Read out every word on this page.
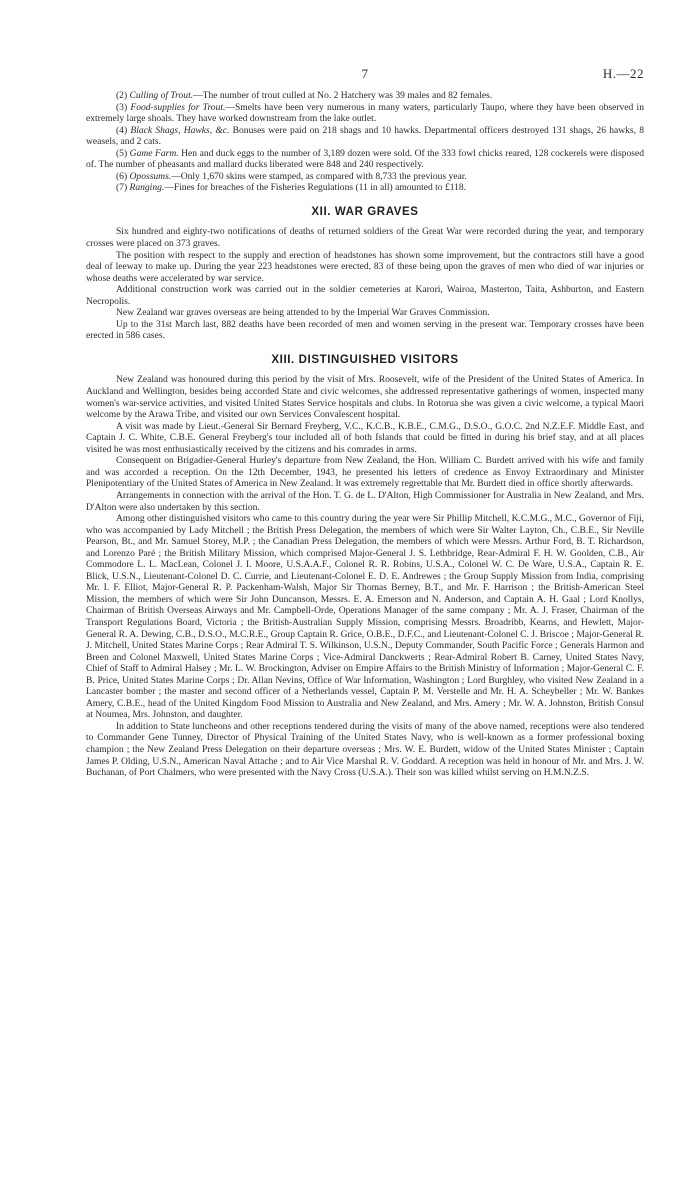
7	H.—22

(2) Culling of Trout.—The number of trout culled at No. 2 Hatchery was 39 males and 82 females.

(3) Food-supplies for Trout.—Smelts have been very numerous in many waters, particularly Taupo, where they have been observed in extremely large shoals. They have worked downstream from the lake outlet.

(4) Black Shags, Hawks, &c. Bonuses were paid on 218 shags and 10 hawks. Departmental officers destroyed 131 shags, 26 hawks, 8 weasels, and 2 cats.

(5) Game Farm. Hen and duck eggs to the number of 3,189 dozen were sold. Of the 333 fowl chicks reared, 128 cockerels were disposed of. The number of pheasants and mallard ducks liberated were 848 and 240 respectively.

(6) Opossums.—Only 1,670 skins were stamped, as compared with 8,733 the previous year.

(7) Ranging.—Fines for breaches of the Fisheries Regulations (11 in all) amounted to £118.

XII. WAR GRAVES

Six hundred and eighty-two notifications of deaths of returned soldiers of the Great War were recorded during the year, and temporary crosses were placed on 373 graves.

The position with respect to the supply and erection of headstones has shown some improvement, but the contractors still have a good deal of leeway to make up. During the year 223 headstones were erected, 83 of these being upon the graves of men who died of war injuries or whose deaths were accelerated by war service.

Additional construction work was carried out in the soldier cemeteries at Karori, Wairoa, Masterton, Taita, Ashburton, and Eastern Necropolis.

New Zealand war graves overseas are being attended to by the Imperial War Graves Commission.

Up to the 31st March last, 882 deaths have been recorded of men and women serving in the present war. Temporary crosses have been erected in 586 cases.

XIII. DISTINGUISHED VISITORS

New Zealand was honoured during this period by the visit of Mrs. Roosevelt, wife of the President of the United States of America. In Auckland and Wellington, besides being accorded State and civic welcomes, she addressed representative gatherings of women, inspected many women's war-service activities, and visited United States Service hospitals and clubs. In Rotorua she was given a civic welcome, a typical Maori welcome by the Arawa Tribe, and visited our own Services Convalescent hospital.

A visit was made by Lieut.-General Sir Bernard Freyberg, V.C., K.C.B., K.B.E., C.M.G., D.S.O., G.O.C. 2nd N.Z.E.F. Middle East, and Captain J. C. White, C.B.E. General Freyberg's tour included all of both Islands that could be fitted in during his brief stay, and at all places visited he was most enthusiastically received by the citizens and his comrades in arms.

Consequent on Brigadier-General Hurley's departure from New Zealand, the Hon. William C. Burdett arrived with his wife and family and was accorded a reception. On the 12th December, 1943, he presented his letters of credence as Envoy Extraordinary and Minister Plenipotentiary of the United States of America in New Zealand. It was extremely regrettable that Mr. Burdett died in office shortly afterwards.

Arrangements in connection with the arrival of the Hon. T. G. de L. D'Alton, High Commissioner for Australia in New Zealand, and Mrs. D'Alton were also undertaken by this section.

Among other distinguished visitors who came to this country during the year were Sir Phillip Mitchell, K.C.M.G., M.C., Governor of Fiji, who was accompanied by Lady Mitchell ; the British Press Delegation, the members of which were Sir Walter Layton, Ch., C.B.E., Sir Neville Pearson, Bt., and Mr. Samuel Storey, M.P. ; the Canadian Press Delegation, the members of which were Messrs. Arthur Ford, B. T. Richardson, and Lorenzo Paré ; the British Military Mission, which comprised Major-General J. S. Lethbridge, Rear-Admiral F. H. W. Goolden, C.B., Air Commodore L. L. MacLean, Colonel J. I. Moore, U.S.A.A.F., Colonel R. R. Robins, U.S.A., Colonel W. C. De Ware, U.S.A., Captain R. E. Blick, U.S.N., Lieutenant-Colonel D. C. Currie, and Lieutenant-Colonel E. D. E. Andrewes ; the Group Supply Mission from India, comprising Mr. I. F. Elliot, Major-General R. P. Packenham-Walsh, Major Sir Thomas Berney, B.T., and Mr. F. Harrison ; the British-American Steel Mission, the members of which were Sir John Duncanson, Messrs. E. A. Emerson and N. Anderson, and Captain A. H. Gaal ; Lord Knollys, Chairman of British Overseas Airways and Mr. Campbell-Orde, Operations Manager of the same company ; Mr. A. J. Fraser, Chairman of the Transport Regulations Board, Victoria ; the British-Australian Supply Mission, comprising Messrs. Broadribb, Kearns, and Hewlett, Major-General R. A. Dewing, C.B., D.S.O., M.C.R.E., Group Captain R. Grice, O.B.E., D.F.C., and Lieutenant-Colonel C. J. Briscoe ; Major-General R. J. Mitchell, United States Marine Corps ; Rear Admiral T. S. Wilkinson, U.S.N., Deputy Commander, South Pacific Force ; Generals Harmon and Breen and Colonel Maxwell, United States Marine Corps ; Vice-Admiral Danckwerts ; Rear-Admiral Robert B. Carney, United States Navy, Chief of Staff to Admiral Halsey ; Mr. L. W. Brockington, Adviser on Empire Affairs to the British Ministry of Information ; Major-General C. F. B. Price, United States Marine Corps ; Dr. Allan Nevins, Office of War Information, Washington ; Lord Burghley, who visited New Zealand in a Lancaster bomber ; the master and second officer of a Netherlands vessel, Captain P. M. Verstelle and Mr. H. A. Scheybeller ; Mr. W. Bankes Amery, C.B.E., head of the United Kingdom Food Mission to Australia and New Zealand, and Mrs. Amery ; Mr. W. A. Johnston, British Consul at Noumea, Mrs. Johnston, and daughter.

In addition to State luncheons and other receptions tendered during the visits of many of the above named, receptions were also tendered to Commander Gene Tunney, Director of Physical Training of the United States Navy, who is well-known as a former professional boxing champion ; the New Zealand Press Delegation on their departure overseas ; Mrs. W. E. Burdett, widow of the United States Minister ; Captain James P. Olding, U.S.N., American Naval Attache ; and to Air Vice Marshal R. V. Goddard. A reception was held in honour of Mr. and Mrs. J. W. Buchanan, of Port Chalmers, who were presented with the Navy Cross (U.S.A.). Their son was killed whilst serving on H.M.N.Z.S.
